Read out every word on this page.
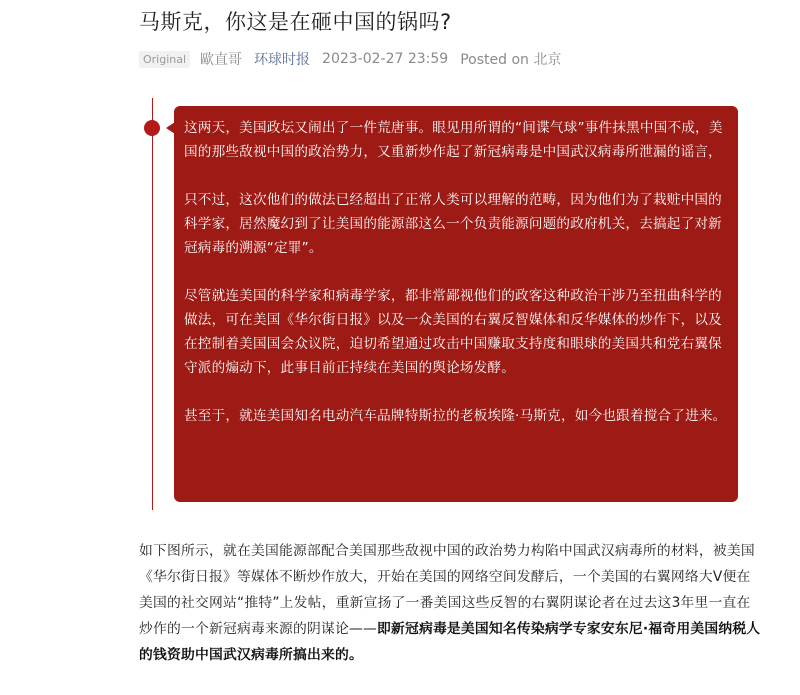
马斯克，你这是在砸中国的锅吗?
Original 歐直哥 环球时报 2023-02-27 23:59 Posted on 北京

这两天，美国政坛又闹出了一件荒唐事。眼见用所谓的“间谍气球”事件抹黑中国不成，美国的那些敌视中国的政治势力，又重新炒作起了新冠病毒是中国武汉病毒所泄漏的谣言，

只不过，这次他们的做法已经超出了正常人类可以理解的范畴，因为他们为了栽赃中国的科学家，居然魔幻到了让美国的能源部这么一个负责能源问题的政府机关，去搞起了对新冠病毒的溯源“定罪”。

尽管就连美国的科学家和病毒学家，都非常鄙视他们的政客这种政治干涉乃至扭曲科学的做法，可在美国《华尔街日报》以及一众美国的右翼反智媒体和反华媒体的炒作下，以及在控制着美国国会众议院，迫切希望通过攻击中国赚取支持度和眼球的美国共和党右翼保守派的煽动下，此事目前正持续在美国的舆论场发酵。

甚至于，就连美国知名电动汽车品牌特斯拉的老板埃隆·马斯克，如今也跟着搅合了进来。

如下图所示，就在美国能源部配合美国那些敌视中国的政治势力构陷中国武汉病毒所的材料，被美国《华尔街日报》等媒体不断炒作放大，开始在美国的网络空间发酵后，一个美国的右翼网络大V便在美国的社交网站“推特”上发帖，重新宣扬了一番美国这些反智的右翼阴谋论者在过去这3年里一直在炒作的一个新冠病毒来源的阴谋论——即新冠病毒是美国知名传染病学专家安东尼·福奇用美国纳税人的钱资助中国武汉病毒所搞出来的。
